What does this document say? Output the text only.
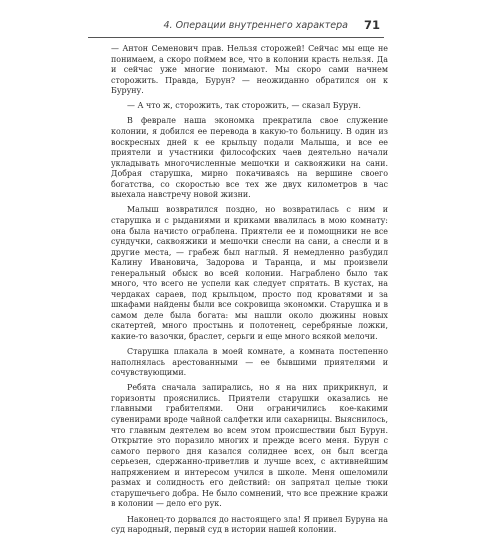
4. Операции внутреннего характера 71

— Антон Семенович прав. Нельзя сторожей! Сейчас мы еще не понимаем, а скоро поймем все, что в колонии красть нельзя. Да и сейчас уже многие понимают. Мы скоро сами начнем сторожить. Правда, Бурун? — неожиданно обратился он к Буруну.

— А что ж, сторожить, так сторожить, — сказал Бурун.

В феврале наша экономка прекратила свое служение колонии, я добился ее перевода в какую-то больницу. В один из воскресных дней к ее крыльцу подали Малыша, и все ее приятели и участники философских чаев деятельно начали укладывать многочисленные мешочки и саквояжики на сани. Добрая старушка, мирно покачиваясь на вершине своего богатства, со скоростью все тех же двух километров в час выехала навстречу новой жизни.

Малыш возвратился поздно, но возвратилась с ним и старушка и с рыданиями и криками ввалилась в мою комнату: она была начисто ограблена. Приятели ее и помощники не все сундучки, саквояжики и мешочки снесли на сани, а снесли и в другие места, — грабеж был наглый. Я немедленно разбудил Калину Ивановича, Задорова и Таранца, и мы произвели генеральный обыск во всей колонии. Награблено было так много, что всего не успели как следует спрятать. В кустах, на чердаках сараев, под крыльцом, просто под кроватями и за шкафами найдены были все сокровища экономки. Старушка и в самом деле была богата: мы нашли около дюжины новых скатертей, много простынь и полотенец, серебряные ложки, какие-то вазочки, браслет, серьги и еще много всякой мелочи.

Старушка плакала в моей комнате, а комната постепенно наполнялась арестованными — ее бывшими приятелями и сочувствующими.

Ребята сначала запирались, но я на них прикрикнул, и горизонты прояснились. Приятели старушки оказались не главными грабителями. Они ограничились кое-какими сувенирами вроде чайной салфетки или сахарницы. Выяснилось, что главным деятелем во всем этом происшествии был Бурун. Открытие это поразило многих и прежде всего меня. Бурун с самого первого дня казался солиднее всех, он был всегда серьезен, сдержанно-приветлив и лучше всех, с активнейшим напряжением и интересом учился в школе. Меня ошеломили размах и солидность его действий: он запрятал целые тюки старушечьего добра. Не было сомнений, что все прежние кражи в колонии — дело его рук.

Наконец-то дорвался до настоящего зла! Я привел Буруна на суд народный, первый суд в истории нашей колонии.
